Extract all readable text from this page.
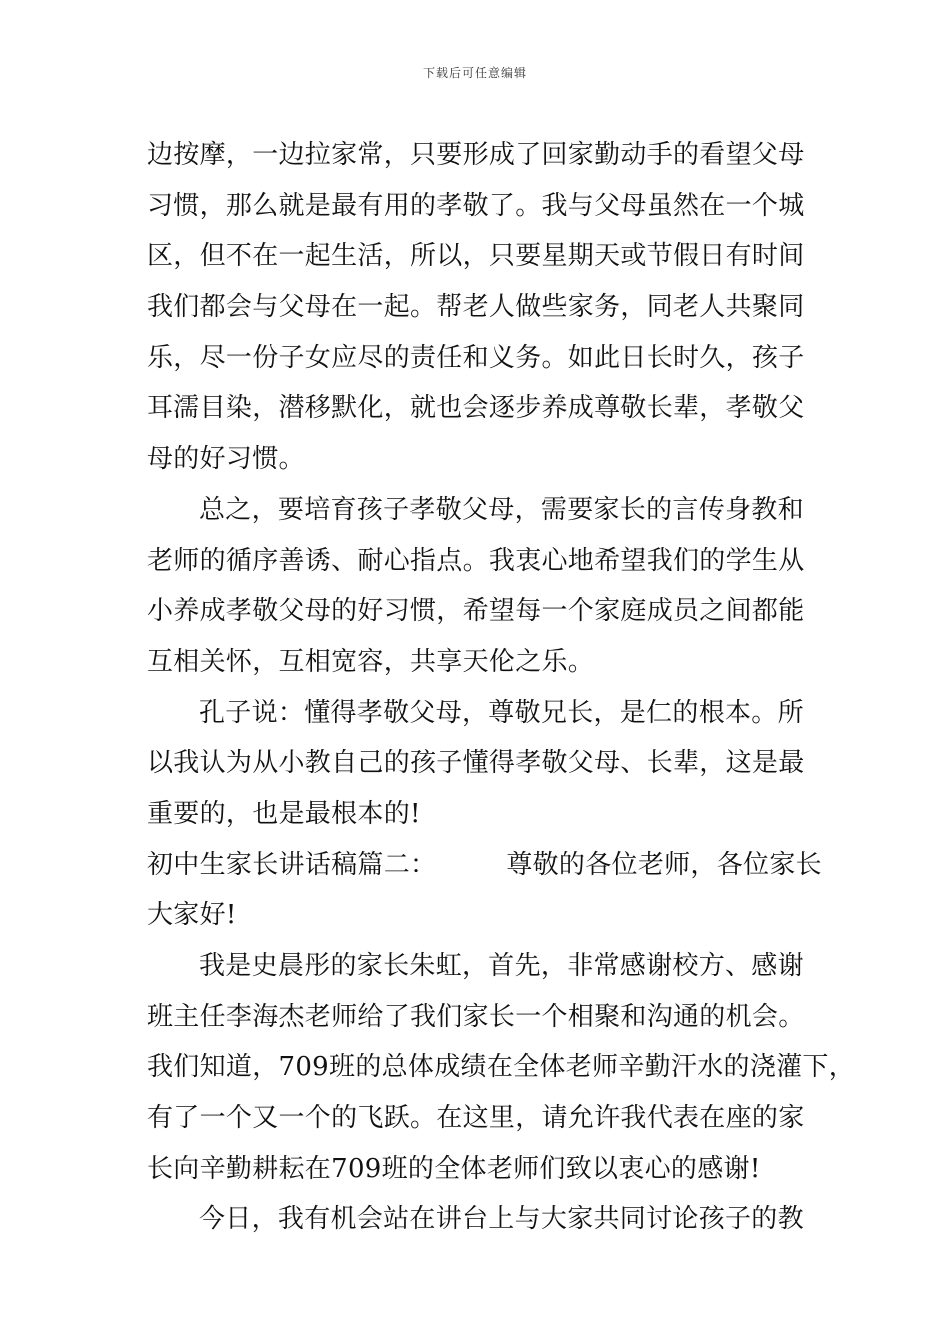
下载后可任意编辑
边按摩，一边拉家常，只要形成了回家勤动手的看望父母
习惯，那么就是最有用的孝敬了。我与父母虽然在一个城
区，但不在一起生活，所以，只要星期天或节假日有时间
我们都会与父母在一起。帮老人做些家务，同老人共聚同
乐，尽一份子女应尽的责任和义务。如此日长时久，孩子
耳濡目染，潜移默化，就也会逐步养成尊敬长辈，孝敬父
母的好习惯。
总之，要培育孩子孝敬父母，需要家长的言传身教和
老师的循序善诱、耐心指点。我衷心地希望我们的学生从
小养成孝敬父母的好习惯，希望每一个家庭成员之间都能
互相关怀，互相宽容，共享天伦之乐。
孔子说：懂得孝敬父母，尊敬兄长，是仁的根本。所
以我认为从小教自己的孩子懂得孝敬父母、长辈，这是最
重要的，也是最根本的!
初中生家长讲话稿篇二：	尊敬的各位老师，各位家长
大家好!
我是史晨彤的家长朱虹，首先，非常感谢校方、感谢
班主任李海杰老师给了我们家长一个相聚和沟通的机会。
我们知道，709班的总体成绩在全体老师辛勤汗水的浇灌下，
有了一个又一个的飞跃。在这里，请允许我代表在座的家
长向辛勤耕耘在709班的全体老师们致以衷心的感谢!
今日，我有机会站在讲台上与大家共同讨论孩子的教
